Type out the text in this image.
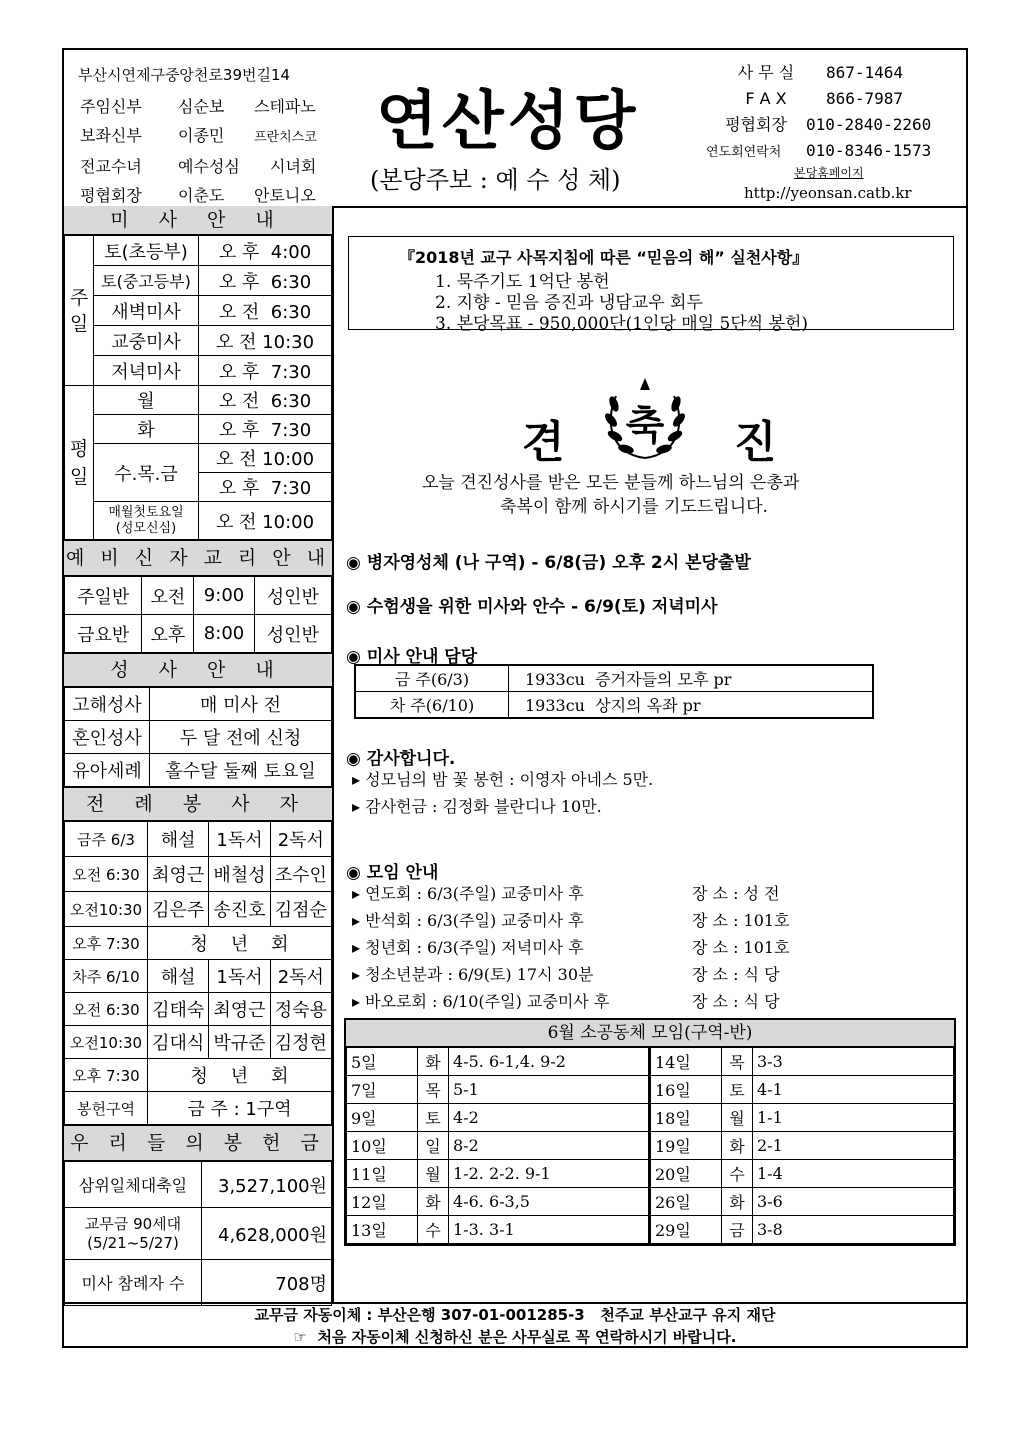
부산시연제구중앙천로39번길14
주임신부 심순보 스테파노
보좌신부 이종민 프란치스코
전교수녀 예수성심 시녀회
평협회장 이춘도 안토니오
연산성당
(본당주보 : 예 수 성 체)
사 무 실 867-1464
F A X 866-7987
평협회장 010-2840-2260
연도회연락처 010-8346-1573
본당홈페이지
http://yeonsan.catb.kr
미 사 안 내
주일	토(초등부)	오 후  4:00
	토(중고등부)	오 후  6:30
	새벽미사	오 전  6:30
	교중미사	오 전 10:30
	저녁미사	오 후  7:30
평일	월	오 전  6:30
	화	오 후  7:30
	수.목.금	오 전 10:00
		오 후  7:30
	매월첫토요일
(성모신심)	오 전 10:00
예 비 신 자 교 리 안 내
주일반	오전	9:00	성인반
금요반	오후	8:00	성인반
성 사 안 내
고해성사	매 미사 전
혼인성사	두 달 전에 신청
유아세례	홀수달 둘째 토요일
전 례 봉 사 자
금주 6/3	해설	1독서	2독서
오전 6:30	최영근	배철성	조수인
오전10:30	김은주	송진호	김점순
오후 7:30	청    년    회		
차주 6/10	해설	1독서	2독서
오전 6:30	김태숙	최영근	정숙용
오전10:30	김대식	박규준	김정현
오후 7:30	청    년    회		
봉헌구역	금 주 : 1구역		
우 리 들 의 봉 헌 금
삼위일체대축일	3,527,100원
교무금 90세대
(5/21~5/27)	4,628,000원
미사 참례자 수	708명
『2018년 교구 사목지침에 따른 “믿음의 해” 실천사항』
1. 묵주기도 1억단 봉헌
2. 지향 - 믿음 증진과 냉담교우 회두
3. 본당목표 - 950,000단(1인당 매일 5단씩 봉헌)
견 축 진
오늘 견진성사를 받은 모든 분들께 하느님의 은총과
축복이 함께 하시기를 기도드립니다.
◉ 병자영성체 (나 구역) - 6/8(금) 오후 2시 본당출발
◉ 수험생을 위한 미사와 안수 - 6/9(토) 저녁미사
◉ 미사 안내 담당
금 주(6/3)	1933cu  증거자들의 모후 pr
차 주(6/10)	1933cu  상지의 옥좌 pr
◉ 감사합니다.
▸ 성모님의 밤 꽃 봉헌 : 이영자 아네스 5만.
▸ 감사헌금 : 김정화 블란디나 10만.
◉ 모임 안내
▸ 연도회 : 6/3(주일) 교중미사 후	장 소 : 성 전
▸ 반석회 : 6/3(주일) 교중미사 후	장 소 : 101호
▸ 청년회 : 6/3(주일) 저녁미사 후	장 소 : 101호
▸ 청소년분과 : 6/9(토) 17시 30분	장 소 : 식 당
▸ 바오로회 : 6/10(주일) 교중미사 후	장 소 : 식 당
6월 소공동체 모임(구역-반)
5일	화	4-5. 6-1,4. 9-2
7일	목	5-1
9일	토	4-2
10일	일	8-2
11일	월	1-2. 2-2. 9-1
12일	화	4-6. 6-3,5
13일	수	1-3. 3-1
14일	목	3-3
16일	토	4-1
18일	월	1-1
19일	화	2-1
20일	수	1-4
26일	화	3-6
29일	금	3-8
교무금 자동이체 : 부산은행 307-01-001285-3   천주교 부산교구 유지 재단
☞  처음 자동이체 신청하신 분은 사무실로 꼭 연락하시기 바랍니다.
